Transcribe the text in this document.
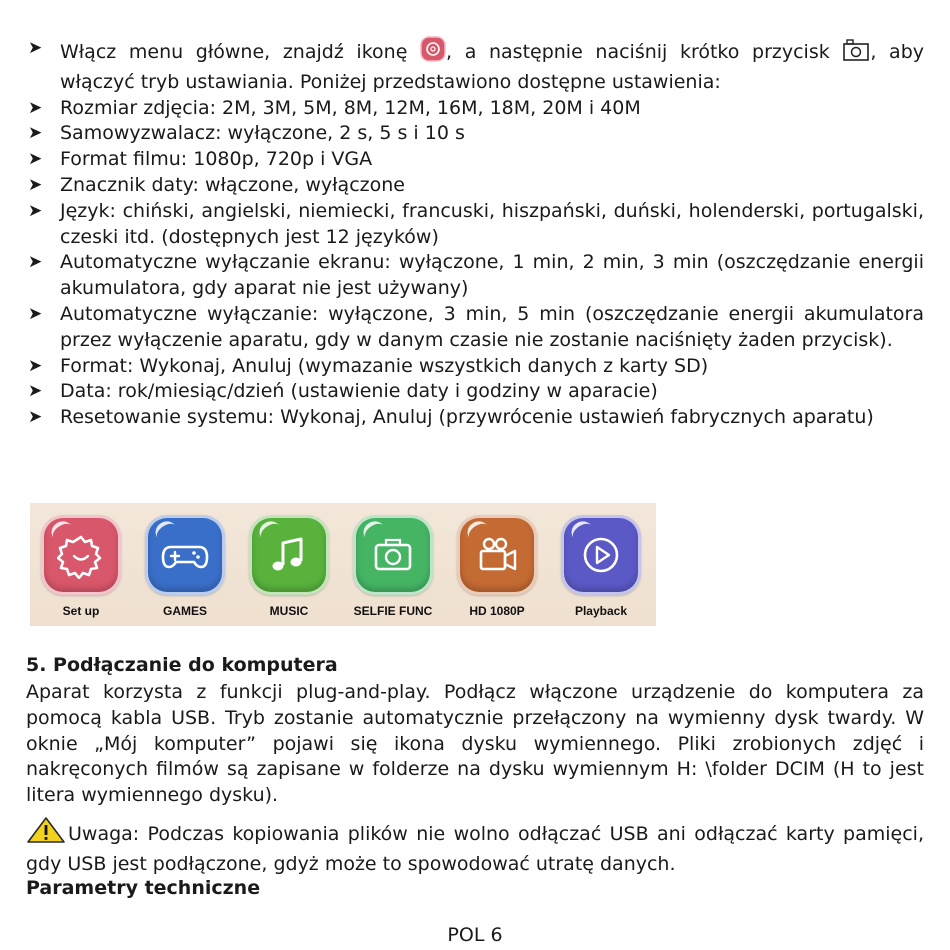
➤ Włącz menu główne, znajdź ikonę , a następnie naciśnij krótko przycisk , aby włączyć tryb ustawiania. Poniżej przedstawiono dostępne ustawienia:
➤ Rozmiar zdjęcia: 2M, 3M, 5M, 8M, 12M, 16M, 18M, 20M i 40M
➤ Samowyzwalacz: wyłączone, 2 s, 5 s i 10 s
➤ Format filmu: 1080p, 720p i VGA
➤ Znacznik daty: włączone, wyłączone
➤ Język: chiński, angielski, niemiecki, francuski, hiszpański, duński, holenderski, portugalski, czeski itd. (dostępnych jest 12 języków)
➤ Automatyczne wyłączanie ekranu: wyłączone, 1 min, 2 min, 3 min (oszczędzanie energii akumulatora, gdy aparat nie jest używany)
➤ Automatyczne wyłączanie: wyłączone, 3 min, 5 min (oszczędzanie energii akumulatora przez wyłączenie aparatu, gdy w danym czasie nie zostanie naciśnięty żaden przycisk).
➤ Format: Wykonaj, Anuluj (wymazanie wszystkich danych z karty SD)
➤ Data: rok/miesiąc/dzień (ustawienie daty i godziny w aparacie)
➤ Resetowanie systemu: Wykonaj, Anuluj (przywrócenie ustawień fabrycznych aparatu)
Set up	GAMES	MUSIC	SELFIE FUNC	HD 1080P	Playback
5. Podłączanie do komputera

Aparat korzysta z funkcji plug-and-play. Podłącz włączone urządzenie do komputera za pomocą kabla USB. Tryb zostanie automatycznie przełączony na wymienny dysk twardy. W oknie „Mój komputer” pojawi się ikona dysku wymiennego. Pliki zrobionych zdjęć i nakręconych filmów są zapisane w folderze na dysku wymiennym H: \folder DCIM (H to jest litera wymiennego dysku).

Uwaga: Podczas kopiowania plików nie wolno odłączać USB ani odłączać karty pamięci, gdy USB jest podłączone, gdyż może to spowodować utratę danych.

Parametry techniczne
POL 6
